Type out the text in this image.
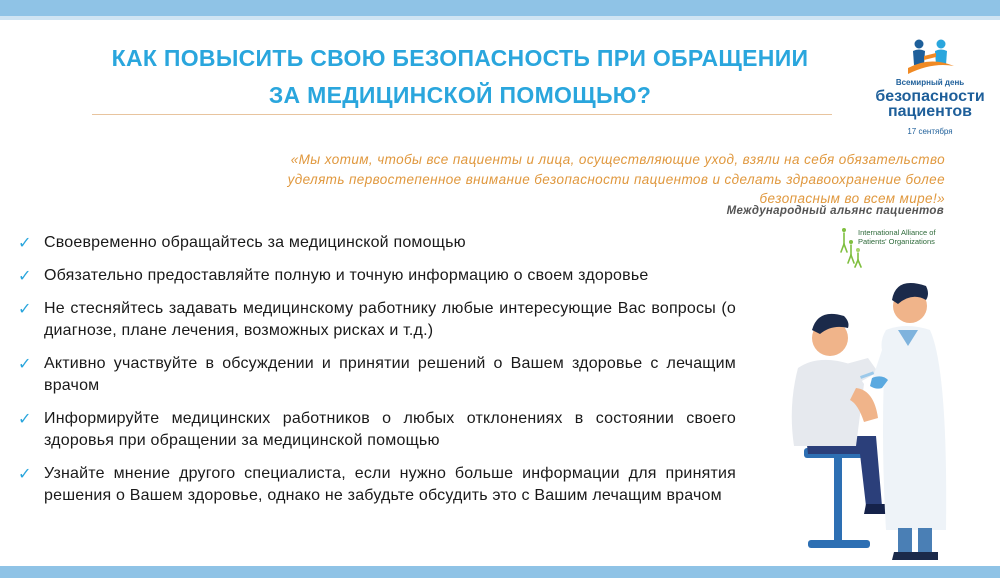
КАК ПОВЫСИТЬ СВОЮ БЕЗОПАСНОСТЬ ПРИ ОБРАЩЕНИИ
ЗА МЕДИЦИНСКОЙ ПОМОЩЬЮ?	Всемирный день
безопасности
пациентов
17 сентября
«Мы хотим, чтобы все пациенты и лица, осуществляющие уход, взяли на себя обязательство
уделять первостепенное внимание безопасности пациентов и сделать здравоохранение более
безопасным во всем мире!»
Международный альянс пациентов
International Alliance of
Patients' Organizations
✓ Своевременно обращайтесь за медицинской помощью
✓ Обязательно предоставляйте полную и точную информацию о своем здоровье
✓ Не стесняйтесь задавать медицинскому работнику любые интересующие Вас вопросы (о диагнозе, плане лечения, возможных рисках и т.д.)
✓ Активно участвуйте в обсуждении и принятии решений о Вашем здоровье с лечащим врачом
✓ Информируйте медицинских работников о любых отклонениях в состоянии своего здоровья при обращении за медицинской помощью
✓ Узнайте мнение другого специалиста, если нужно больше информации для принятия решения о Вашем здоровье, однако не забудьте обсудить это с Вашим лечащим врачом
